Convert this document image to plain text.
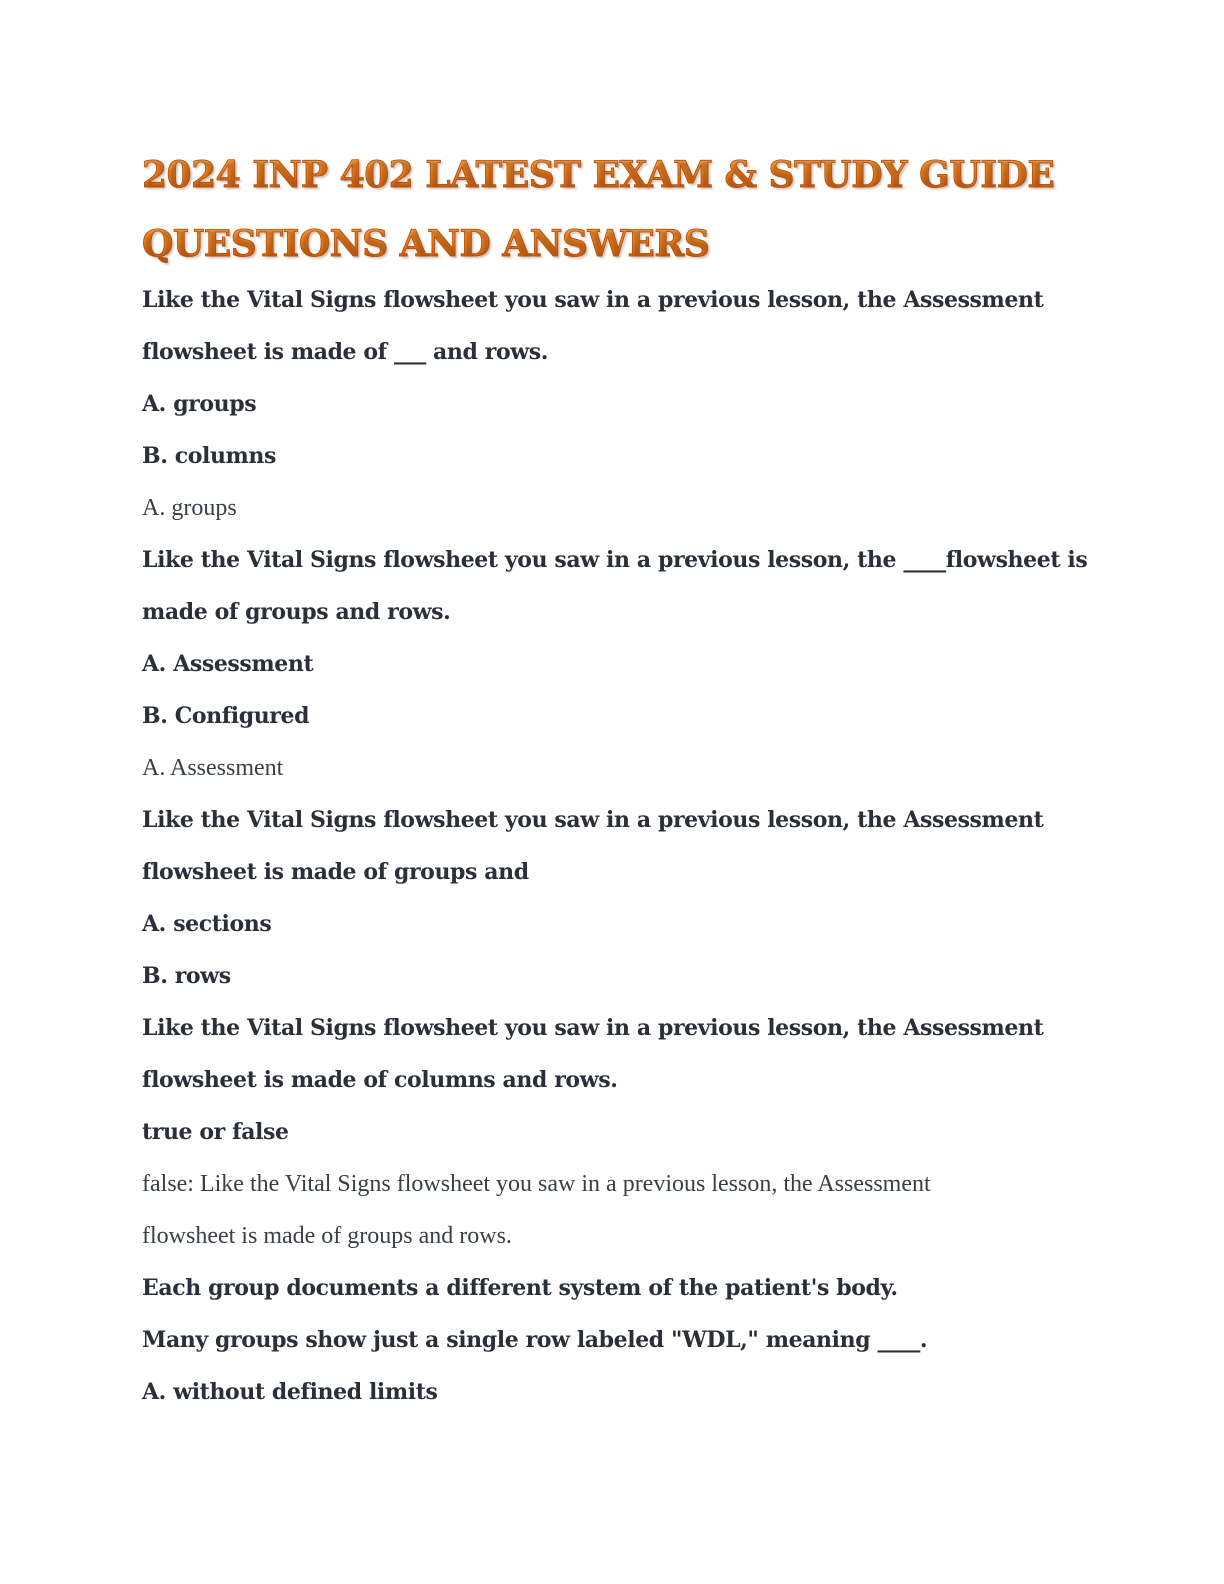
2024 INP 402 LATEST EXAM & STUDY GUIDE
QUESTIONS AND ANSWERS
Like the Vital Signs flowsheet you saw in a previous lesson, the Assessment
flowsheet is made of ___ and rows.
A. groups
B. columns
A. groups
Like the Vital Signs flowsheet you saw in a previous lesson, the ____flowsheet is
made of groups and rows.
A. Assessment
B. Configured
A. Assessment
Like the Vital Signs flowsheet you saw in a previous lesson, the Assessment
flowsheet is made of groups and
A. sections
B. rows
Like the Vital Signs flowsheet you saw in a previous lesson, the Assessment
flowsheet is made of columns and rows.
true or false
false: Like the Vital Signs flowsheet you saw in a previous lesson, the Assessment
flowsheet is made of groups and rows.
Each group documents a different system of the patient's body.
Many groups show just a single row labeled "WDL," meaning ____.
A. without defined limits
